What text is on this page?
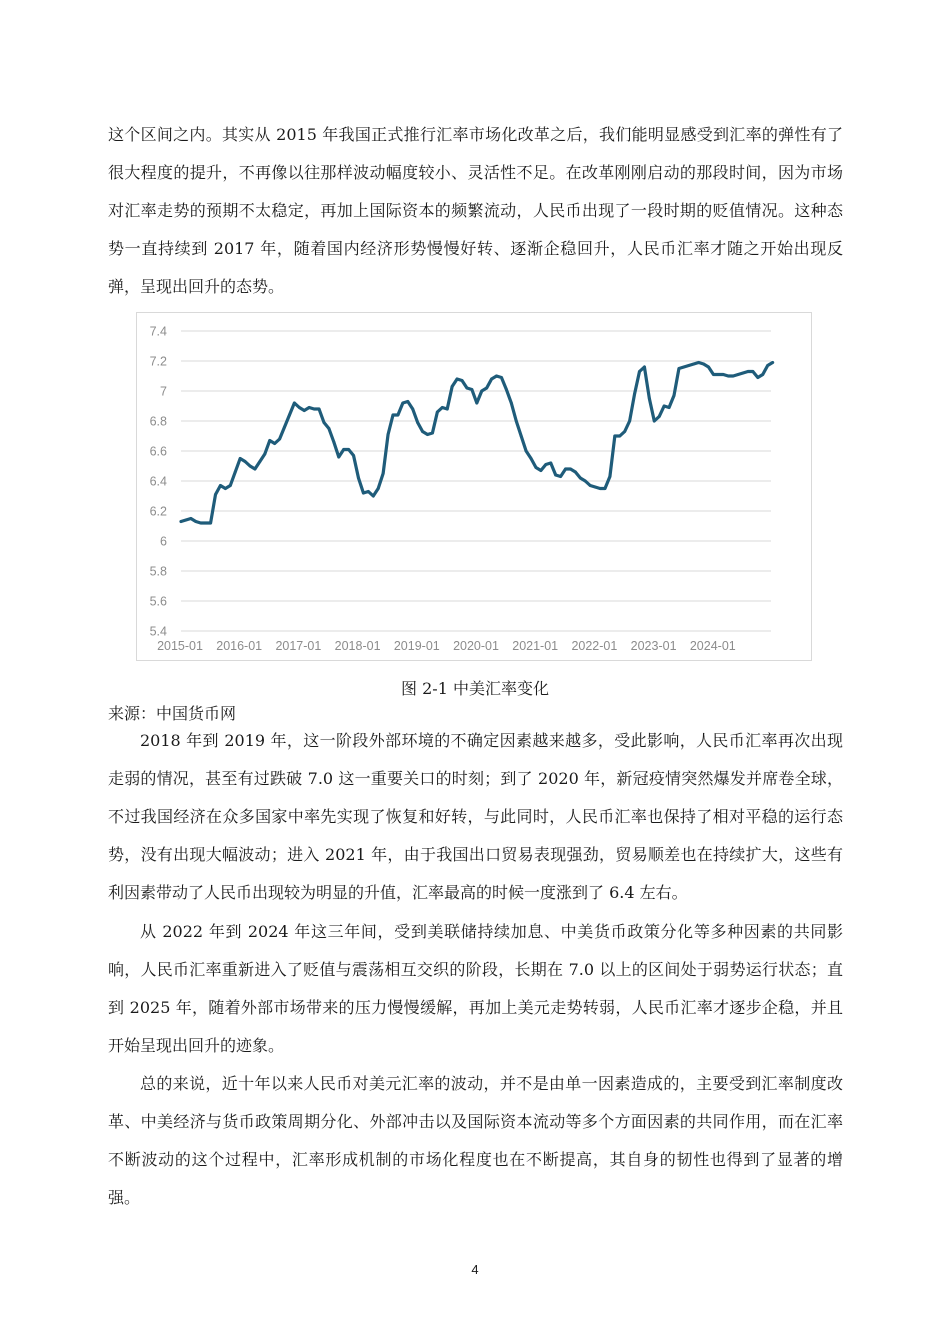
这个区间之内。其实从 2015 年我国正式推行汇率市场化改革之后，我们能明显感受到汇率的弹性有了很大程度的提升，不再像以往那样波动幅度较小、灵活性不足。在改革刚刚启动的那段时间，因为市场对汇率走势的预期不太稳定，再加上国际资本的频繁流动，人民币出现了一段时期的贬值情况。这种态势一直持续到 2017 年，随着国内经济形势慢慢好转、逐渐企稳回升，人民币汇率才随之开始出现反弹，呈现出回升的态势。

7.4
7.2
7
6.8
6.6
6.4
6.2
6
5.8
5.6
5.4
2015-01 2016-01 2017-01 2018-01 2019-01 2020-01 2021-01 2022-01 2023-01 2024-01
图 2-1 中美汇率变化
来源：中国货币网

2018 年到 2019 年，这一阶段外部环境的不确定因素越来越多，受此影响，人民币汇率再次出现走弱的情况，甚至有过跌破 7.0 这一重要关口的时刻；到了 2020 年，新冠疫情突然爆发并席卷全球，不过我国经济在众多国家中率先实现了恢复和好转，与此同时，人民币汇率也保持了相对平稳的运行态势，没有出现大幅波动；进入 2021 年，由于我国出口贸易表现强劲，贸易顺差也在持续扩大，这些有利因素带动了人民币出现较为明显的升值，汇率最高的时候一度涨到了 6.4 左右。

从 2022 年到 2024 年这三年间，受到美联储持续加息、中美货币政策分化等多种因素的共同影响，人民币汇率重新进入了贬值与震荡相互交织的阶段，长期在 7.0 以上的区间处于弱势运行状态；直到 2025 年，随着外部市场带来的压力慢慢缓解，再加上美元走势转弱，人民币汇率才逐步企稳，并且开始呈现出回升的迹象。

总的来说，近十年以来人民币对美元汇率的波动，并不是由单一因素造成的，主要受到汇率制度改革、中美经济与货币政策周期分化、外部冲击以及国际资本流动等多个方面因素的共同作用，而在汇率不断波动的这个过程中，汇率形成机制的市场化程度也在不断提高，其自身的韧性也得到了显著的增强。

4
